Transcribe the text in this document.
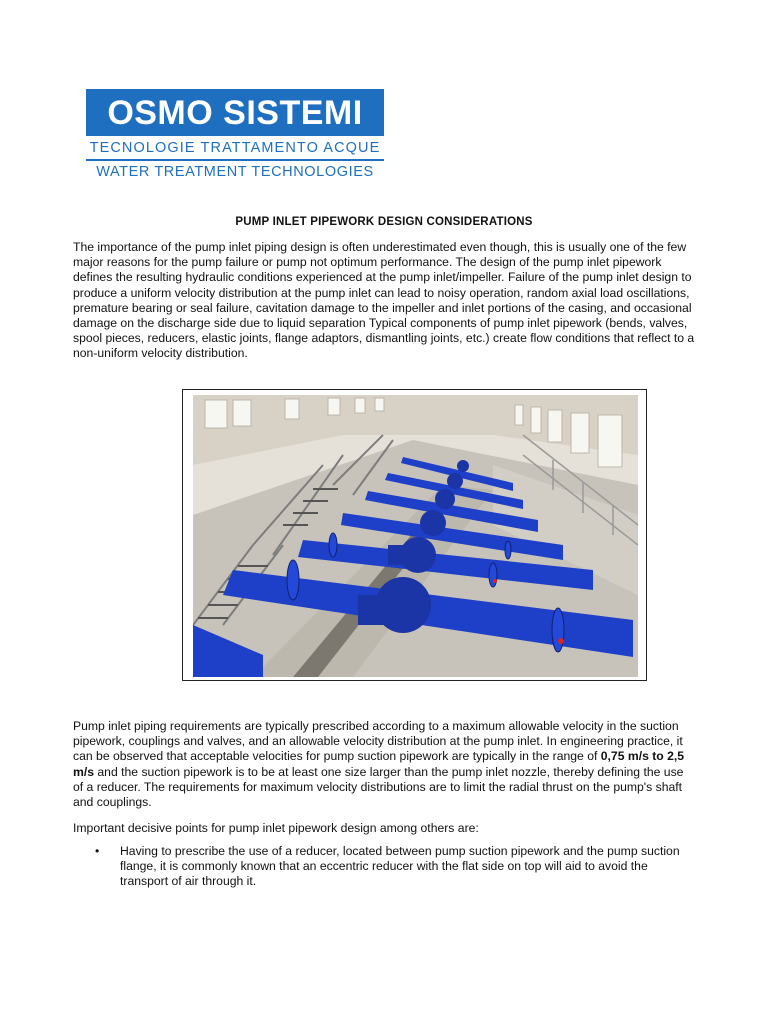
OSMO SISTEMI
TECNOLOGIE TRATTAMENTO ACQUE
WATER TREATMENT TECHNOLOGIES
PUMP INLET PIPEWORK DESIGN CONSIDERATIONS
The importance of the pump inlet piping design is often underestimated even though, this is usually one of the few major reasons for the pump failure or pump not optimum performance. The design of the pump inlet pipework defines the resulting hydraulic conditions experienced at the pump inlet/impeller. Failure of the pump inlet design to produce a uniform velocity distribution at the pump inlet can lead to noisy operation, random axial load oscillations, premature bearing or seal failure, cavitation damage to the impeller and inlet portions of the casing, and occasional damage on the discharge side due to liquid separation Typical components of pump inlet pipework (bends, valves, spool pieces, reducers, elastic joints, flange adaptors, dismantling joints, etc.) create flow conditions that reflect to a non-uniform velocity distribution.
Pump inlet piping requirements are typically prescribed according to a maximum allowable velocity in the suction pipework, couplings and valves, and an allowable velocity distribution at the pump inlet. In engineering practice, it can be observed that acceptable velocities for pump suction pipework are typically in the range of 0,75 m/s to 2,5 m/s and the suction pipework is to be at least one size larger than the pump inlet nozzle, thereby defining the use of a reducer. The requirements for maximum velocity distributions are to limit the radial thrust on the pump's shaft and couplings.
Important decisive points for pump inlet pipework design among others are:
• Having to prescribe the use of a reducer, located between pump suction pipework and the pump suction flange, it is commonly known that an eccentric reducer with the flat side on top will aid to avoid the transport of air through it.
